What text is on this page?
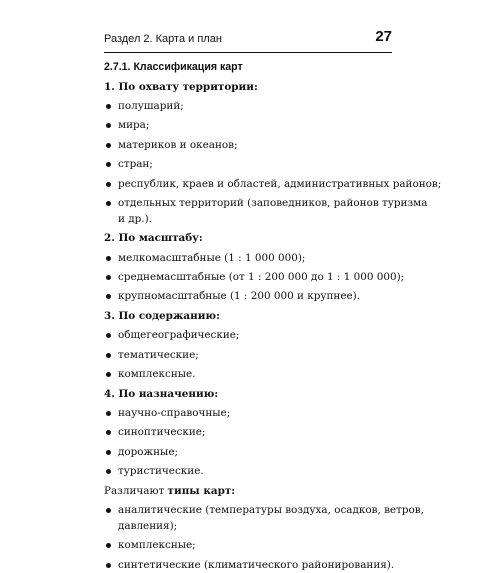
Раздел 2. Карта и план	27
2.7.1. Классификация карт
1. По охвату территории:
полушарий;
мира;
материков и океанов;
стран;
республик, краев и областей, административных районов;
отдельных территорий (заповедников, районов туризма
и др.).
2. По масштабу:
мелкомасштабные (1 : 1 000 000);
среднемасштабные (от 1 : 200 000 до 1 : 1 000 000);
крупномасштабные (1 : 200 000 и крупнее).
3. По содержанию:
общегеографические;
тематические;
комплексные.
4. По назначению:
научно-справочные;
синоптические;
дорожные;
туристические.
Различают типы карт:
аналитические (температуры воздуха, осадков, ветров,
давления);
комплексные;
синтетические (климатического районирования).
